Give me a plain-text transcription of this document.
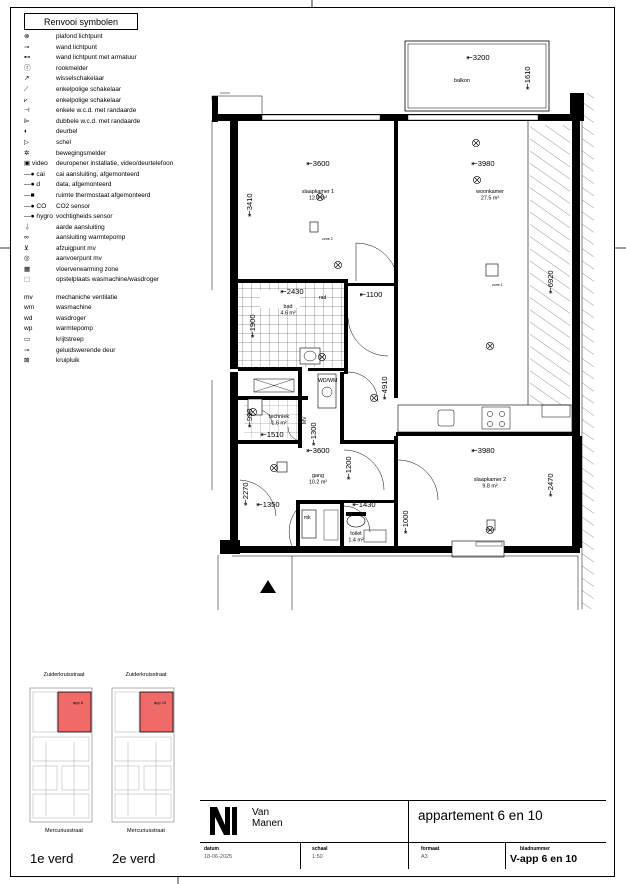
Renvooi symbolen
⊗	plafond lichtpunt
⊸	wand lichtpunt
⊷	wand lichtpunt met armatuur
ⓡ	rookmelder
↗	wisselschakelaar
⟋	enkelpolige schakelaar
⩗	enkelpolige schakelaar
⊣	enkele w.c.d. met randaarde
⊫	dubbele w.c.d. met randaarde
◐	deurbel
▷	schel
✲	bewegingsmelder
▣ video	deuropener installatie, video/deurtelefoon
—● cai	cai aansluiting, afgemonteerd
—● d	data, afgemonteerd
—■	ruimte thermostaat afgemonteerd
—● CO	CO2 sensor
—● hygro vochtigheids sensor
⏚	aarde aansluiting
∞	aansluiting warmtepomp
⊻	afzuigpunt mv
◎	aanvoerpunt mv
▦	vloerverwarming zone
⬚	opstelplaats wasmachine/wasdroger
mv	mechaniche ventilatie
wm	wasmachine
wd	wasdroger
wp	warmtepomp
▭	krijtstreep
⊸	geluidswerende deur
⊠	kruipluik
⇤3200
⇤1610
⇤3600	⇤3980
⇤3410
⇤2430	⇤1100
⇤6920
⇤1900
⇤4910
⇤1510
⇤990
⇤1300
⇤3600
⇤1200
⇤2270 ⇤1350	⇤1430
⇤3980
⇤2470
⇤1000
slaapkamer 1
12.3 m²
woonkamer
27.5 m²
balkon
bad
4.6 m²
techniek
1.6 m²
gang
10.2 m²	slaapkamer 2
9.8 m²
toilet
1.4 m²
zone 2
zone 1
WD/WM
MV
rad
mk
Zuiderkruisstraat
app 6
Mercuriusstraat
Zuiderkruisstraat
app 10
Mercuriusstraat
1e verd	2e verd
datum
18-06-2025
schaal
1:50
formaat
A3
bladnummer
Van
Manen
appartement 6 en 10
V-app 6 en 10
